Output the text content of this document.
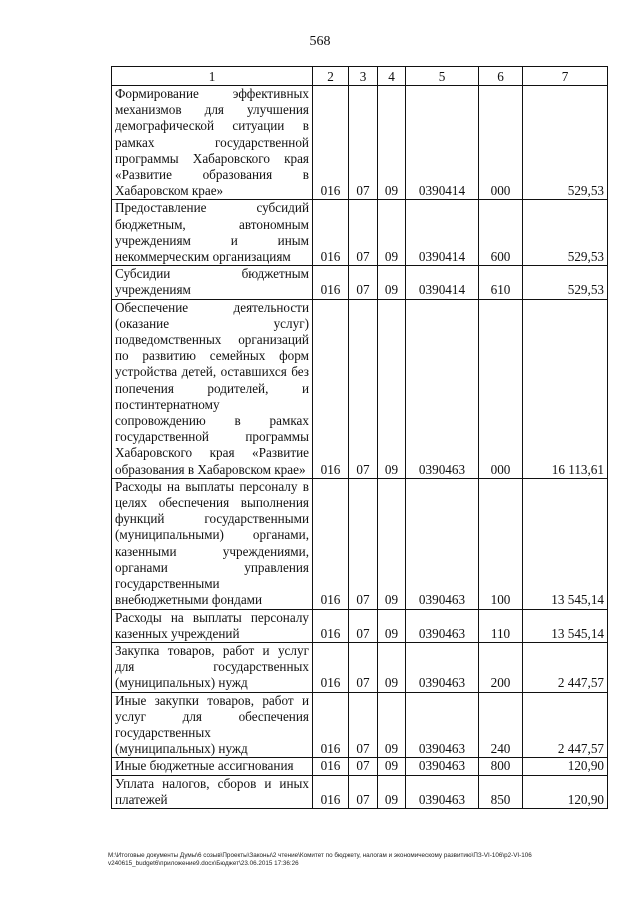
568
1	2	3	4	5	6	7
Формирование эффективных механизмов для улучшения демографической ситуации в рамках государственной программы Хабаровского края «Развитие образования в Хабаровском крае»	016	07	09	0390414	000	529,53
Предоставление субсидий бюджетным, автономным учреждениям и иным некоммерческим организациям	016	07	09	0390414	600	529,53
Субсидии бюджетным учреждениям	016	07	09	0390414	610	529,53
Обеспечение деятельности (оказание услуг) подведомственных организаций по развитию семейных форм устройства детей, оставшихся без попечения родителей, и постинтернатному сопровождению в рамках государственной программы Хабаровского края «Развитие образования в Хабаровском крае»	016	07	09	0390463	000	16 113,61
Расходы на выплаты персоналу в целях обеспечения выполнения функций государственными (муниципальными) органами, казенными учреждениями, органами управления государственными внебюджетными фондами	016	07	09	0390463	100	13 545,14
Расходы на выплаты персоналу казенных учреждений	016	07	09	0390463	110	13 545,14
Закупка товаров, работ и услуг для государственных (муниципальных) нужд	016	07	09	0390463	200	2 447,57
Иные закупки товаров, работ и услуг для обеспечения государственных (муниципальных) нужд	016	07	09	0390463	240	2 447,57
Иные бюджетные ассигнования	016	07	09	0390463	800	120,90
Уплата налогов, сборов и иных платежей	016	07	09	0390463	850	120,90
M:\Итоговые документы Думы\6 созыв\Проекты\Законы\2 чтение\Комитет по бюджету, налогам и экономическому развитию\ПЗ-VI-106\р2-VI-106 v240615_budget6\приложение9.docx\Бюджет\23.06.2015 17:36:26
